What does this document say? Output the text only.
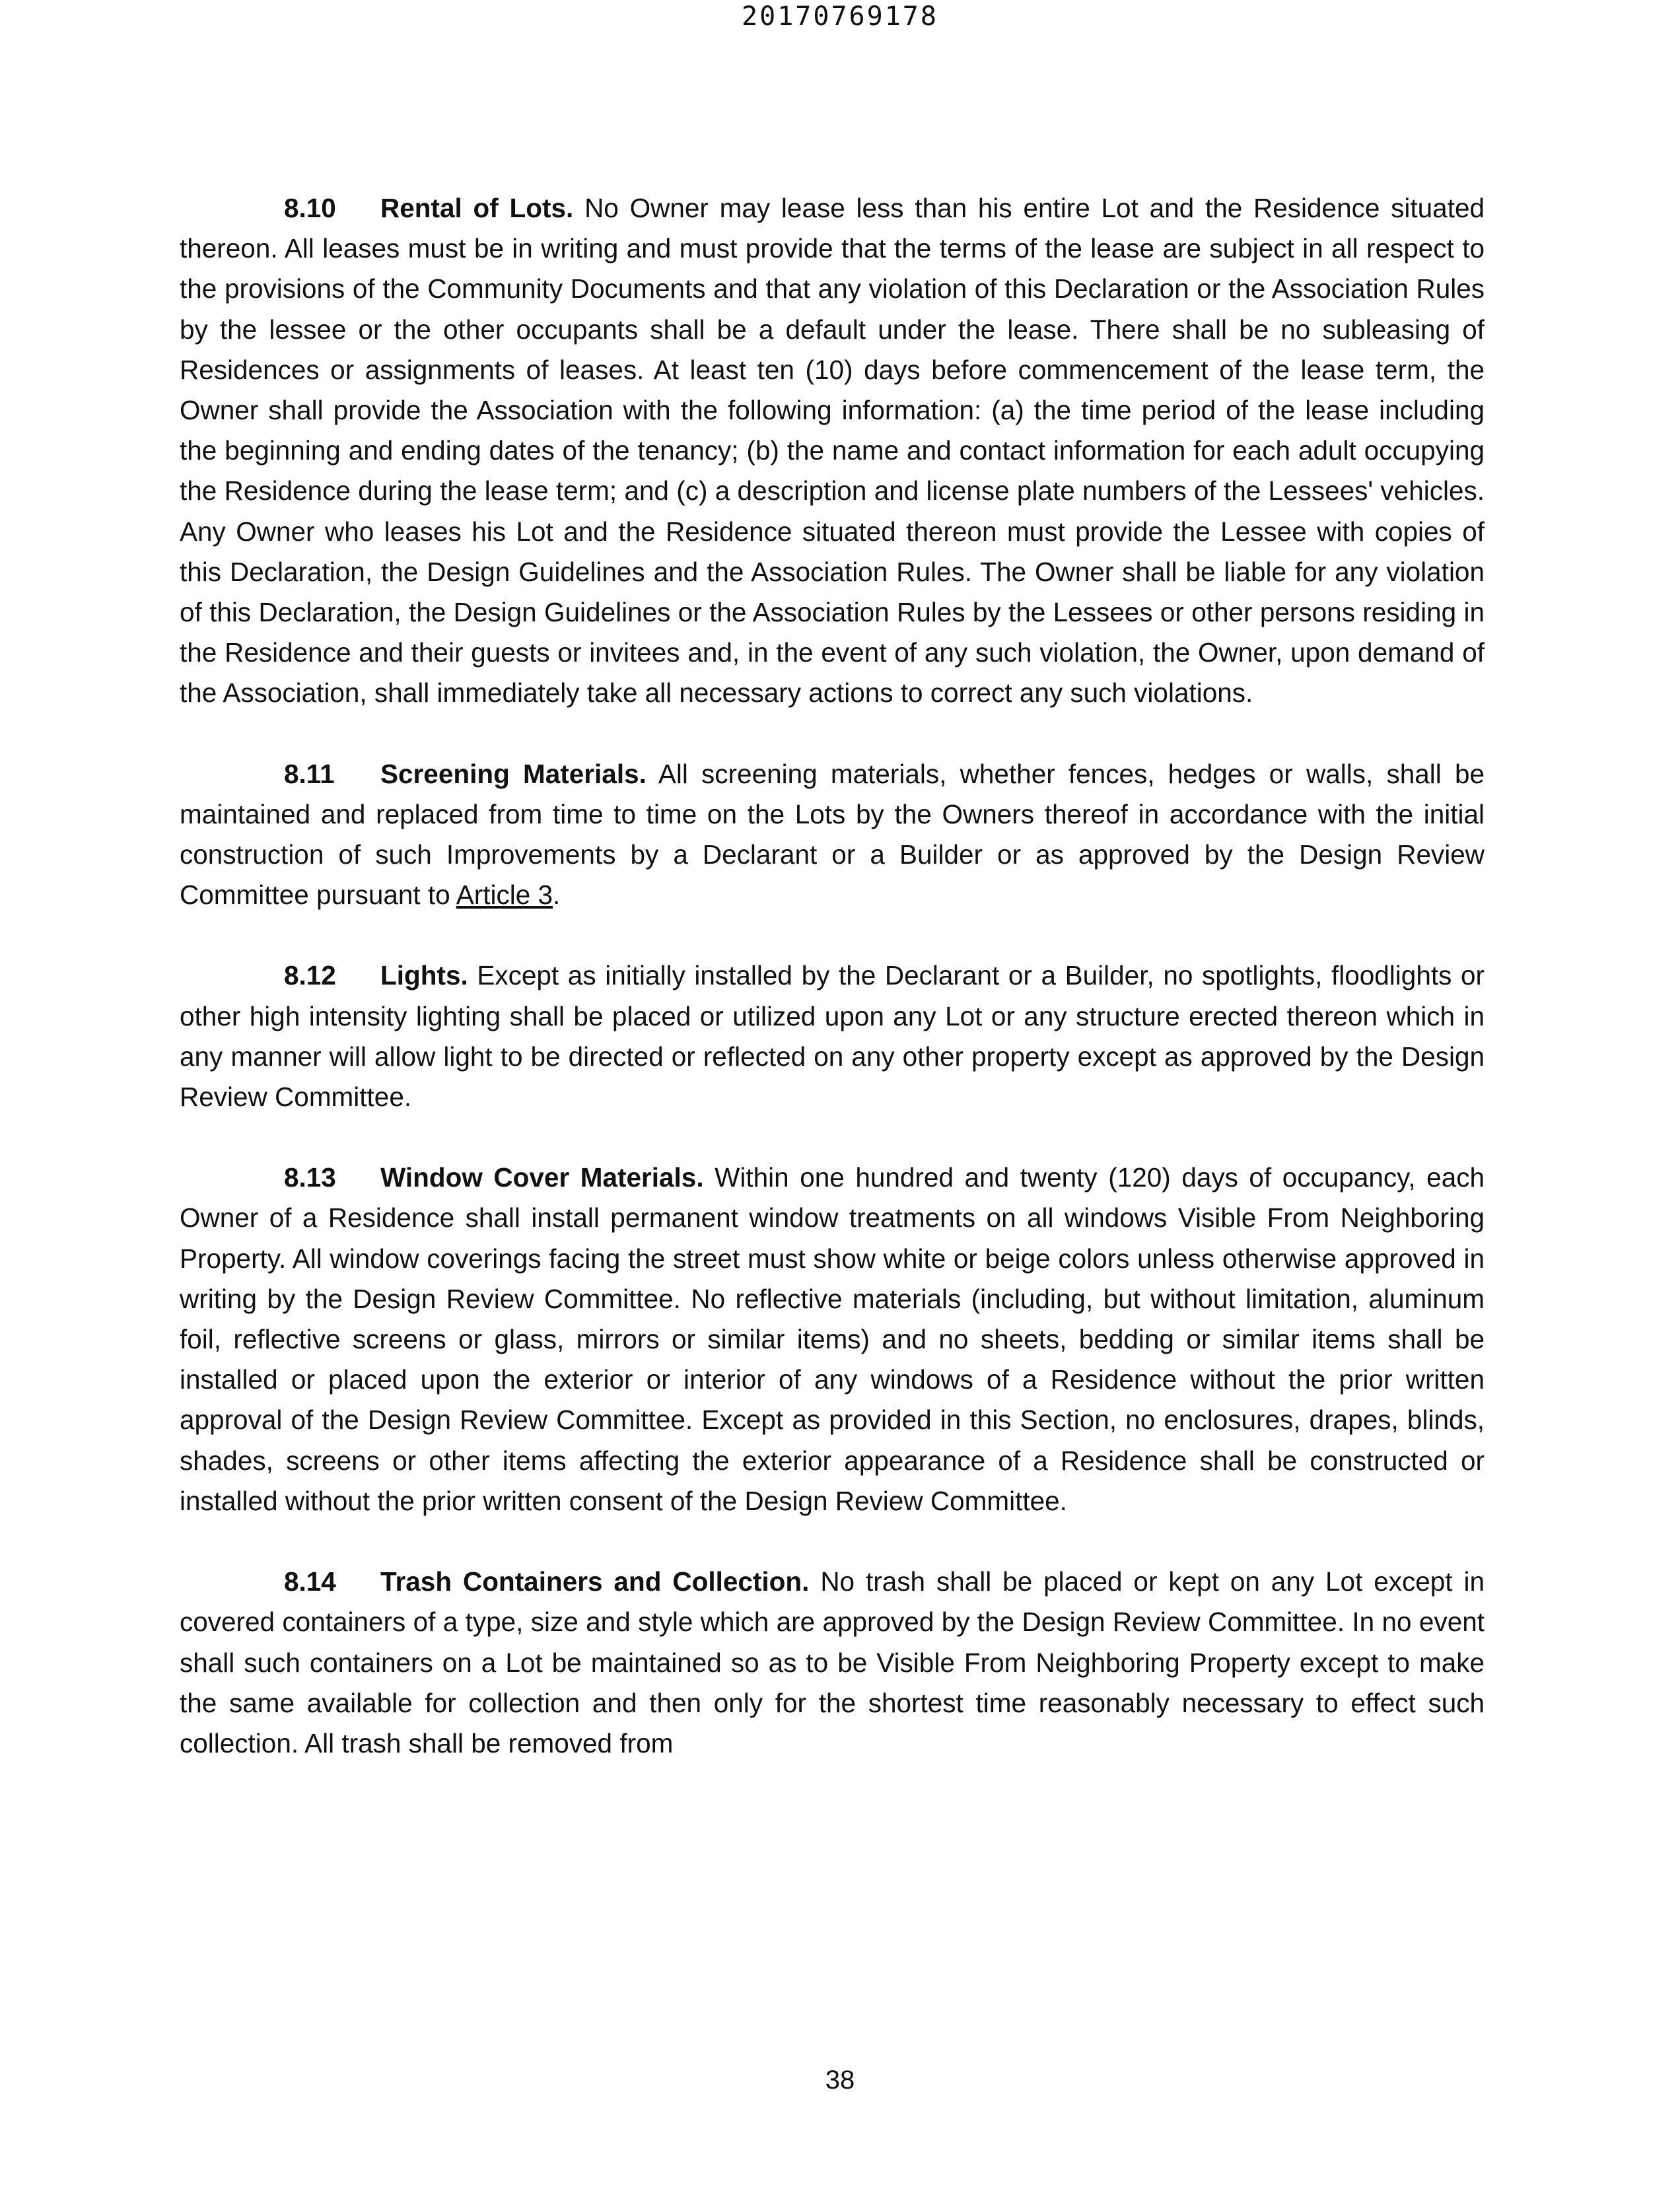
20170769178

8.10 Rental of Lots. No Owner may lease less than his entire Lot and the Residence situated thereon. All leases must be in writing and must provide that the terms of the lease are subject in all respect to the provisions of the Community Documents and that any violation of this Declaration or the Association Rules by the lessee or the other occupants shall be a default under the lease. There shall be no subleasing of Residences or assignments of leases. At least ten (10) days before commencement of the lease term, the Owner shall provide the Association with the following information: (a) the time period of the lease including the beginning and ending dates of the tenancy; (b) the name and contact information for each adult occupying the Residence during the lease term; and (c) a description and license plate numbers of the Lessees' vehicles. Any Owner who leases his Lot and the Residence situated thereon must provide the Lessee with copies of this Declaration, the Design Guidelines and the Association Rules. The Owner shall be liable for any violation of this Declaration, the Design Guidelines or the Association Rules by the Lessees or other persons residing in the Residence and their guests or invitees and, in the event of any such violation, the Owner, upon demand of the Association, shall immediately take all necessary actions to correct any such violations.

8.11 Screening Materials. All screening materials, whether fences, hedges or walls, shall be maintained and replaced from time to time on the Lots by the Owners thereof in accordance with the initial construction of such Improvements by a Declarant or a Builder or as approved by the Design Review Committee pursuant to Article 3.

8.12 Lights. Except as initially installed by the Declarant or a Builder, no spotlights, floodlights or other high intensity lighting shall be placed or utilized upon any Lot or any structure erected thereon which in any manner will allow light to be directed or reflected on any other property except as approved by the Design Review Committee.

8.13 Window Cover Materials. Within one hundred and twenty (120) days of occupancy, each Owner of a Residence shall install permanent window treatments on all windows Visible From Neighboring Property. All window coverings facing the street must show white or beige colors unless otherwise approved in writing by the Design Review Committee. No reflective materials (including, but without limitation, aluminum foil, reflective screens or glass, mirrors or similar items) and no sheets, bedding or similar items shall be installed or placed upon the exterior or interior of any windows of a Residence without the prior written approval of the Design Review Committee. Except as provided in this Section, no enclosures, drapes, blinds, shades, screens or other items affecting the exterior appearance of a Residence shall be constructed or installed without the prior written consent of the Design Review Committee.

8.14 Trash Containers and Collection. No trash shall be placed or kept on any Lot except in covered containers of a type, size and style which are approved by the Design Review Committee. In no event shall such containers on a Lot be maintained so as to be Visible From Neighboring Property except to make the same available for collection and then only for the shortest time reasonably necessary to effect such collection. All trash shall be removed from

38
